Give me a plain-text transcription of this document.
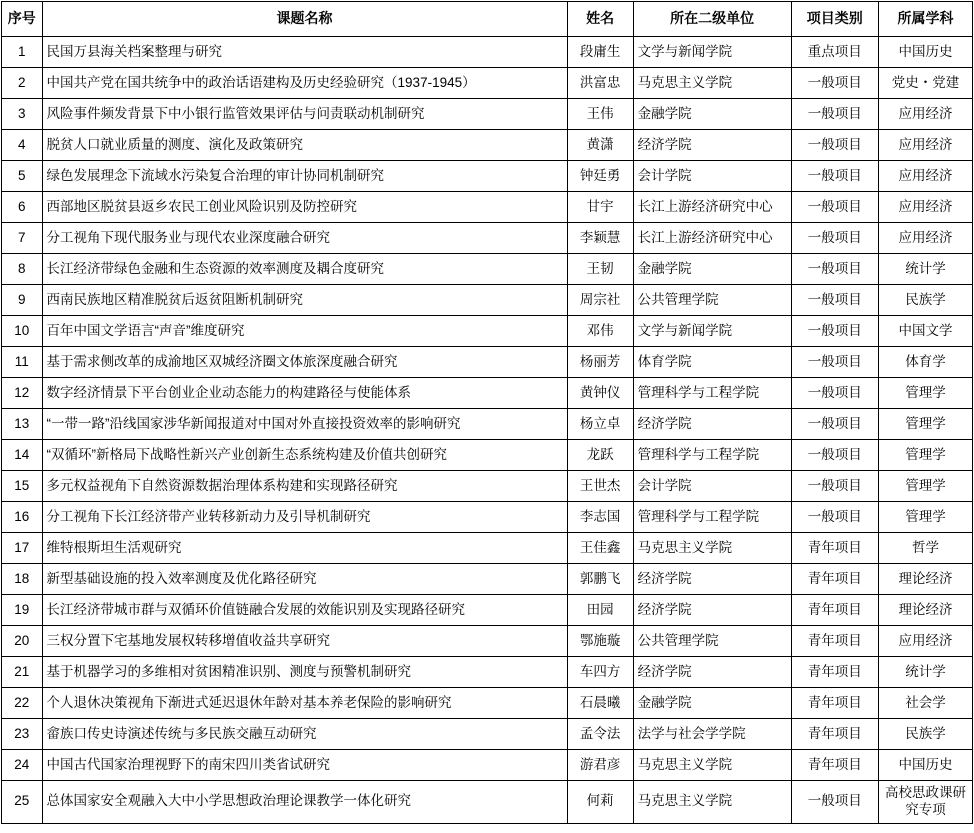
序号	课题名称	姓名	所在二级单位	项目类别	所属学科
1	民国万县海关档案整理与研究	段庸生	文学与新闻学院	重点项目	中国历史
2	中国共产党在国共统争中的政治话语建构及历史经验研究（1937-1945）	洪富忠	马克思主义学院	一般项目	党史・党建
3	风险事件频发背景下中小银行监管效果评估与问责联动机制研究	王伟	金融学院	一般项目	应用经济
4	脱贫人口就业质量的测度、演化及政策研究	黄潇	经济学院	一般项目	应用经济
5	绿色发展理念下流域水污染复合治理的审计协同机制研究	钟廷勇	会计学院	一般项目	应用经济
6	西部地区脱贫县返乡农民工创业风险识别及防控研究	甘宇	长江上游经济研究中心	一般项目	应用经济
7	分工视角下现代服务业与现代农业深度融合研究	李颖慧	长江上游经济研究中心	一般项目	应用经济
8	长江经济带绿色金融和生态资源的效率测度及耦合度研究	王韧	金融学院	一般项目	统计学
9	西南民族地区精准脱贫后返贫阻断机制研究	周宗社	公共管理学院	一般项目	民族学
10	百年中国文学语言“声音”维度研究	邓伟	文学与新闻学院	一般项目	中国文学
11	基于需求侧改革的成渝地区双城经济圈文体旅深度融合研究	杨丽芳	体育学院	一般项目	体育学
12	数字经济情景下平台创业企业动态能力的构建路径与使能体系	黄钟仪	管理科学与工程学院	一般项目	管理学
13	“一带一路”沿线国家涉华新闻报道对中国对外直接投资效率的影响研究	杨立卓	经济学院	一般项目	管理学
14	“双循环”新格局下战略性新兴产业创新生态系统构建及价值共创研究	龙跃	管理科学与工程学院	一般项目	管理学
15	多元权益视角下自然资源数据治理体系构建和实现路径研究	王世杰	会计学院	一般项目	管理学
16	分工视角下长江经济带产业转移新动力及引导机制研究	李志国	管理科学与工程学院	一般项目	管理学
17	维特根斯坦生活观研究	王佳鑫	马克思主义学院	青年项目	哲学
18	新型基础设施的投入效率测度及优化路径研究	郭鹏飞	经济学院	青年项目	理论经济
19	长江经济带城市群与双循环价值链融合发展的效能识别及实现路径研究	田园	经济学院	青年项目	理论经济
20	三权分置下宅基地发展权转移增值收益共享研究	鄂施璇	公共管理学院	青年项目	应用经济
21	基于机器学习的多维相对贫困精准识别、测度与预警机制研究	车四方	经济学院	青年项目	统计学
22	个人退休决策视角下渐进式延迟退休年龄对基本养老保险的影响研究	石晨曦	金融学院	青年项目	社会学
23	畲族口传史诗演述传统与多民族交融互动研究	孟令法	法学与社会学学院	青年项目	民族学
24	中国古代国家治理视野下的南宋四川类省试研究	游君彦	马克思主义学院	青年项目	中国历史
25	总体国家安全观融入大中小学思想政治理论课教学一体化研究	何莉	马克思主义学院	一般项目	高校思政课研究专项
